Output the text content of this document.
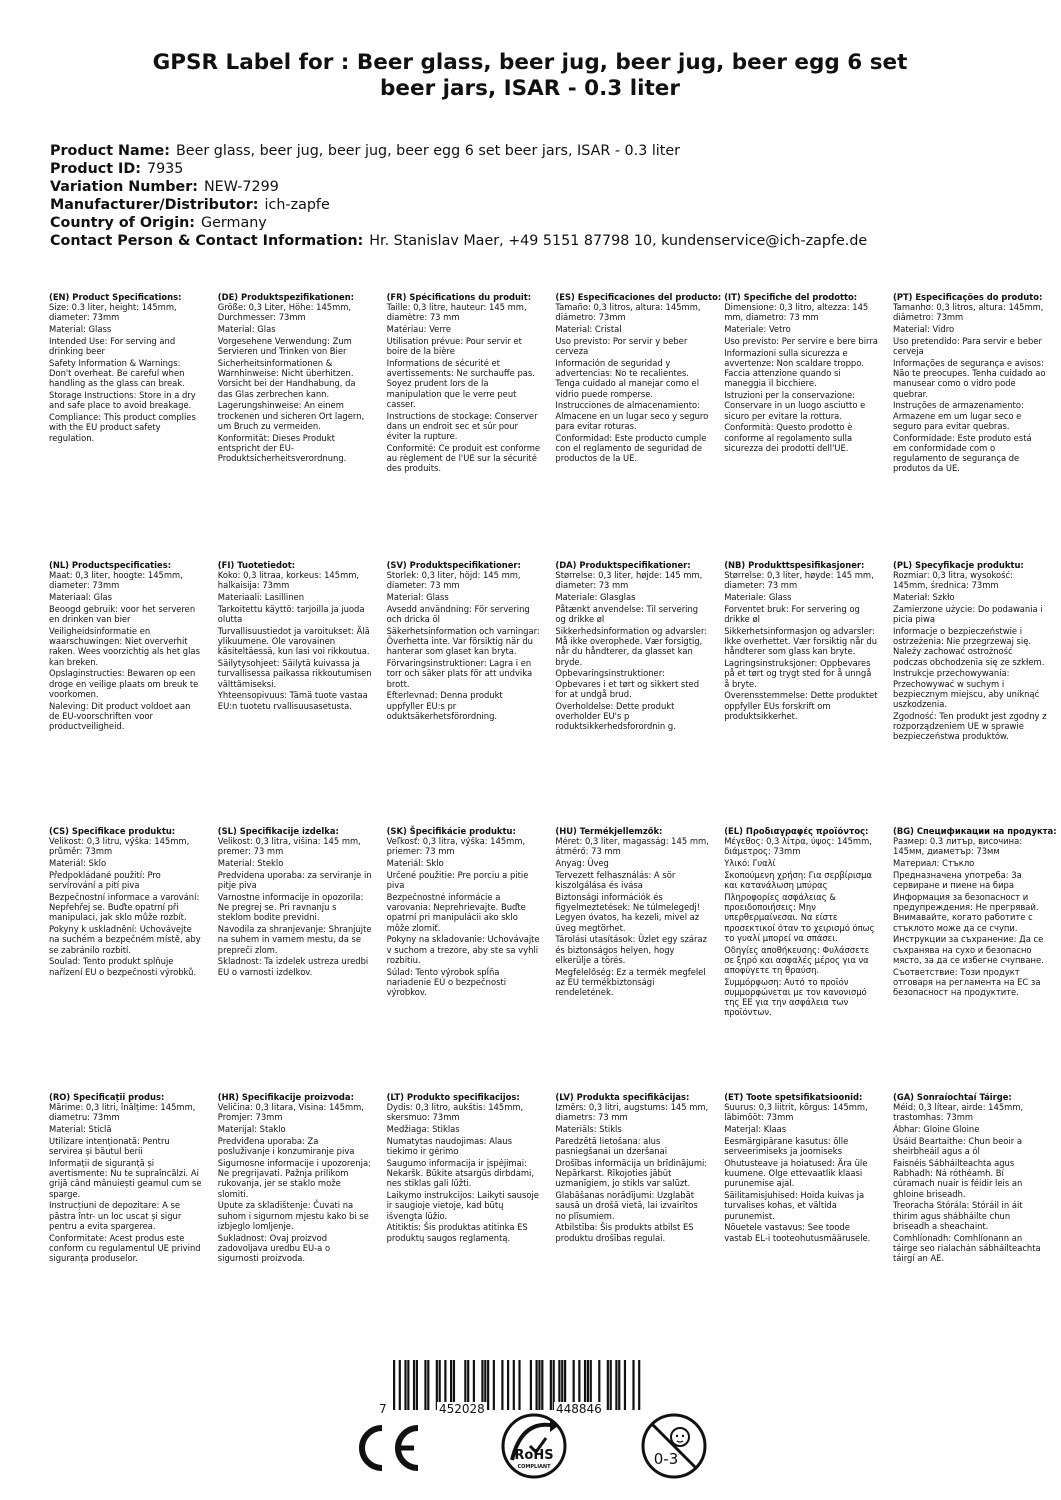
GPSR Label for : Beer glass, beer jug, beer jug, beer egg 6 set
beer jars, ISAR - 0.3 liter
Product Name: Beer glass, beer jug, beer jug, beer egg 6 set beer jars, ISAR - 0.3 liter
Product ID: 7935
Variation Number: NEW-7299
Manufacturer/Distributor: ich-zapfe
Country of Origin: Germany
Contact Person & Contact Information: Hr. Stanislav Maer, +49 5151 87798 10, kundenservice@ich-zapfe.de
(EN) Product Specifications:
Size: 0.3 liter, height: 145mm, diameter: 73mm
Material: Glass
Intended Use: For serving and drinking beer
Safety Information & Warnings: Don't overheat. Be careful when handling as the glass can break.
Storage Instructions: Store in a dry and safe place to avoid breakage.
Compliance: This product complies with the EU product safety regulation.
(DE) Produktspezifikationen:
Größe: 0,3 Liter, Höhe: 145mm, Durchmesser: 73mm
Material: Glas
Vorgesehene Verwendung: Zum Servieren und Trinken von Bier
Sicherheitsinformationen & Warnhinweise: Nicht überhitzen. Vorsicht bei der Handhabung, da das Glas zerbrechen kann.
Lagerungshinweise: An einem trockenen und sicheren Ort lagern, um Bruch zu vermeiden.
Konformität: Dieses Produkt entspricht der EU-Produktsicherheitsverordnung.
(FR) Spécifications du produit:
Taille: 0,3 litre, hauteur: 145 mm, diamètre: 73 mm
Matériau: Verre
Utilisation prévue: Pour servir et boire de la bière
Informations de sécurité et avertissements: Ne surchauffe pas. Soyez prudent lors de la manipulation que le verre peut casser.
Instructions de stockage: Conserver dans un endroit sec et sûr pour éviter la rupture.
Conformité: Ce produit est conforme au règlement de l'UE sur la sécurité des produits.
(ES) Especificaciones del producto:
Tamaño: 0,3 litros, altura: 145mm, diámetro: 73mm
Material: Cristal
Uso previsto: Por servir y beber cerveza
Información de seguridad y advertencias: No te recalientes. Tenga cuidado al manejar como el vidrio puede romperse.
Instrucciones de almacenamiento: Almacene en un lugar seco y seguro para evitar roturas.
Conformidad: Este producto cumple con el reglamento de seguridad de productos de la UE.
(IT) Specifiche del prodotto:
Dimensione: 0,3 litro, altezza: 145 mm, diametro: 73 mm
Materiale: Vetro
Uso previsto: Per servire e bere birra
Informazioni sulla sicurezza e avvertenze: Non scaldare troppo. Faccia attenzione quando si maneggia il bicchiere.
Istruzioni per la conservazione: Conservare in un luogo asciutto e sicuro per evitare la rottura.
Conformità: Questo prodotto è conforme al regolamento sulla sicurezza dei prodotti dell'UE.
(PT) Especificações do produto:
Tamanho: 0,3 litros, altura: 145mm, diâmetro: 73mm
Material: Vidro
Uso pretendido: Para servir e beber cerveja
Informações de segurança e avisos: Não te preocupes. Tenha cuidado ao manusear como o vidro pode quebrar.
Instruções de armazenamento: Armazene em um lugar seco e seguro para evitar quebras.
Conformidade: Este produto está em conformidade com o regulamento de segurança de produtos da UE.
(NL) Productspecificaties:
Maat: 0,3 liter, hoogte: 145mm, diameter: 73mm
Materiaal: Glas
Beoogd gebruik: voor het serveren en drinken van bier
Veiligheidsinformatie en waarschuwingen: Niet oververhit raken. Wees voorzichtig als het glas kan breken.
Opslaginstructies: Bewaren op een droge en veilige plaats om breuk te voorkomen.
Naleving: Dit product voldoet aan de EU-voorschriften voor productveiligheid.
(FI) Tuotetiedot:
Koko: 0,3 litraa, korkeus: 145mm, halkaisija: 73mm
Materiaali: Lasillinen
Tarkoitettu käyttö: tarjoilla ja juoda olutta
Turvallisuustiedot ja varoitukset: Älä ylikuumene. Ole varovainen käsiteltäessä, kun lasi voi rikkoutua.
Säilytysohjeet: Säilytä kuivassa ja turvallisessa paikassa rikkoutumisen välttämiseksi.
Yhteensopivuus: Tämä tuote vastaa EU:n tuotetu rvallisuusasetusta.
(SV) Produktspecifikationer:
Storlek: 0,3 liter, höjd: 145 mm, diameter: 73 mm
Material: Glass
Avsedd användning: För servering och dricka öl
Säkerhetsinformation och varningar: Överhetta inte. Var försiktig när du hanterar som glaset kan bryta.
Förvaringsinstruktioner: Lagra i en torr och säker plats för att undvika brott.
Efterlevnad: Denna produkt uppfyller EU:s pr oduktsäkerhetsförordning.
(DA) Produktspecifikationer:
Størrelse: 0,3 liter, højde: 145 mm, diameter: 73 mm
Materiale: Glasglas
Påtænkt anvendelse: Til servering og drikke øl
Sikkerhedsinformation og advarsler: Må ikke overophede. Vær forsigtig, når du håndterer, da glasset kan bryde.
Opbevaringsinstruktioner: Opbevares i et tørt og sikkert sted for at undgå brud.
Overholdelse: Dette produkt overholder EU's p roduktsikkerhedsforordnin g.
(NB) Produkttspesifikasjoner:
Størrelse: 0,3 liter, høyde: 145 mm, diameter: 73 mm
Materiale: Glass
Forventet bruk: For servering og drikke øl
Sikkerhetsinformasjon og advarsler: Ikke overhettet. Vær forsiktig når du håndterer som glass kan bryte.
Lagringsinstruksjoner: Oppbevares på et tørt og trygt sted for å unngå å bryte.
Overensstemmelse: Dette produktet oppfyller EUs forskrift om produktsikkerhet.
(PL) Specyfikacje produktu:
Rozmiar: 0,3 litra, wysokość: 145mm, średnica: 73mm
Materiał: Szkło
Zamierzone użycie: Do podawania i picia piwa
Informacje o bezpieczeństwie i ostrzeżenia: Nie przegrzewaj się. Należy zachować ostrożność podczas obchodzenia się ze szkłem.
Instrukcje przechowywania: Przechowywać w suchym i bezpiecznym miejscu, aby uniknąć uszkodzenia.
Zgodność: Ten produkt jest zgodny z rozporządzeniem UE w sprawie bezpieczeństwa produktów.
(CS) Specifikace produktu:
Velikost: 0,3 litru, výška: 145mm, průměr: 73mm
Materiál: Sklo
Předpokládané použití: Pro servírování a pití piva
Bezpečnostní informace a varování: Nepřehřej se. Buďte opatrní při manipulaci, jak sklo může rozbít.
Pokyny k uskladnění: Uchovávejte na suchém a bezpečném místě, aby se zabránilo rozbití.
Soulad: Tento produkt splňuje nařízení EU o bezpečnosti výrobků.
(SL) Specifikacije izdelka:
Velikost: 0,3 litra, višina: 145 mm, premer: 73 mm
Material: Steklo
Predvidena uporaba: za serviranje in pitje piva
Varnostne informacije in opozorila: Ne pregrej se. Pri ravnanju s steklom bodite previdni.
Navodila za shranjevanje: Shranjujte na suhem in varnem mestu, da se prepreči zlom.
Skladnost: Ta izdelek ustreza uredbi EU o varnosti izdelkov.
(SK) Špecifikácie produktu:
Veľkosť: 0,3 litra, výška: 145mm, priemer: 73 mm
Materiál: Sklo
Určené použitie: Pre porciu a pitie piva
Bezpečnostné informácie a varovania: Neprehrievajte. Buďte opatrní pri manipulácii ako sklo môže zlomiť.
Pokyny na skladovanie: Uchovávajte v suchom a trezore, aby ste sa vyhli rozbitiu.
Súlad: Tento výrobok spĺňa nariadenie EÚ o bezpečnosti výrobkov.
(HU) Termékjellemzők:
Méret: 0,3 liter, magasság: 145 mm, átmérő: 73 mm
Anyag: Üveg
Tervezett felhasználás: A sör kiszolgálása és ivása
Biztonsági információk és figyelmeztetések: Ne túlmelegedj! Legyen óvatos, ha kezeli, mivel az üveg megtörhet.
Tárolási utasítások: Üzlet egy száraz és biztonságos helyen, hogy elkerülje a törés.
Megfelelőség: Ez a termék megfelel az EU termékbiztonsági rendeletének.
(EL) Προδιαγραφές προϊόντος:
Μέγεθος: 0,3 λίτρα, ύψος: 145mm, διάμετρος: 73mm
Υλικό: Γυαλί
Σκοπούμενη χρήση: Για σερβίρισμα και κατανάλωση μπύρας
Πληροφορίες ασφάλειας & προειδοποιήσεις: Μην υπερθερμαίνεσαι. Να είστε προσεκτικοί όταν το χειρισμό όπως το γυαλί μπορεί να σπάσει.
Οδηγίες αποθήκευσης: Φυλάσσετε σε ξηρό και ασφαλές μέρος για να αποφύγετε τη θραύση.
Συμμόρφωση: Αυτό το προϊόν συμμορφώνεται με τον κανονισμό της ΕΕ για την ασφάλεια των προϊόντων.
(BG) Спецификации на продукта:
Размер: 0.3 литър, височина: 145мм, диаметър: 73мм
Материал: Стъкло
Предназначена употреба: За сервиране и пиене на бира
Информация за безопасност и предупреждения: Не прегрявай. Внимавайте, когато работите с стъклото може да се счупи.
Инструкции за съхранение: Да се съхранява на сухо и безопасно място, за да се избегне счупване.
Съответствие: Този продукт отговаря на регламента на ЕС за безопасност на продуктите.
(RO) Specificații produs:
Mărime: 0,3 litri, înălțime: 145mm, diametru: 73mm
Material: Sticlă
Utilizare intenționată: Pentru servirea și băutul berii
Informații de siguranță și avertismente: Nu te supraîncălzi. Ai grijă când mânuiești geamul cum se sparge.
Instrucțiuni de depozitare: A se păstra într- un loc uscat și sigur pentru a evita spargerea.
Conformitate: Acest produs este conform cu regulamentul UE privind siguranța produselor.
(HR) Specifikacije proizvoda:
Veličina: 0,3 litara, Visina: 145mm, Promjer: 73mm
Materijal: Staklo
Predviđena uporaba: Za posluživanje i konzumiranje piva
Sigurnosne informacije i upozorenja: Ne pregrijavati. Pažnja prilikom rukovanja, jer se staklo može slomiti.
Upute za skladištenje: Čuvati na suhom i sigurnom mjestu kako bi se izbjeglo lomljenje.
Sukladnost: Ovaj proizvod zadovoljava uredbu EU-a o sigurnosti proizvoda.
(LT) Produkto specifikacijos:
Dydis: 0,3 litro, aukštis: 145mm, skersmuo: 73mm
Medžiaga: Stiklas
Numatytas naudojimas: Alaus tiekimo ir gėrimo
Saugumo informacija ir įspėjimai: Nekaršk. Būkite atsargūs dirbdami, nes stiklas gali lūžti.
Laikymo instrukcijos: Laikyti sausoje ir saugioje vietoje, kad būtų išvengta lūžio.
Atitiktis: Šis produktas atitinka ES produktų saugos reglamentą.
(LV) Produkta specifikācijas:
Izmērs: 0,3 litri, augstums: 145 mm, diametrs: 73 mm
Materiāls: Stikls
Paredzētā lietošana: alus pasniegšanai un dzeršanai
Drošības informācija un brīdinājumi: Nepārkarst. Rīkojoties jābūt uzmanīgiem, jo stikls var salūzt.
Glabāšanas norādījumi: Uzglabāt sausā un drošā vietā, lai izvairītos no plīsumiem.
Atbilstība: Šis produkts atbilst ES produktu drošības regulai.
(ET) Toote spetsifikatsioonid:
Suurus: 0,3 liitrit, kõrgus: 145mm, läbimõõt: 73mm
Materjal: Klaas
Eesmärgipärane kasutus: õlle serveerimiseks ja joomiseks
Ohutusteave ja hoiatused: Ära üle kuumene. Olge ettevaatlik klaasi purunemise ajal.
Säilitamisjuhised: Hoida kuivas ja turvalises kohas, et vältida purunemist.
Nõuetele vastavus: See toode vastab EL-i tooteohutusmäärusele.
(GA) Sonraíochtaí Táirge:
Méid: 0,3 lítear, airde: 145mm, trastomhas: 73mm
Ábhar: Gloine Gloine
Úsáid Beartaithe: Chun beoir a sheirbheáil agus a ól
Faisnéis Sábháilteachta agus Rabhadh: Ná róthéamh. Bí cúramach nuair is féidir leis an ghloine briseadh.
Treoracha Stórála: Stóráil in áit thirim agus shábháilte chun briseadh a sheachaint.
Comhlíonadh: Comhlíonann an táirge seo rialachán sábháilteachta táirgí an AE.
7	452028	448846
RoHS
COMPLIANT	0-3
